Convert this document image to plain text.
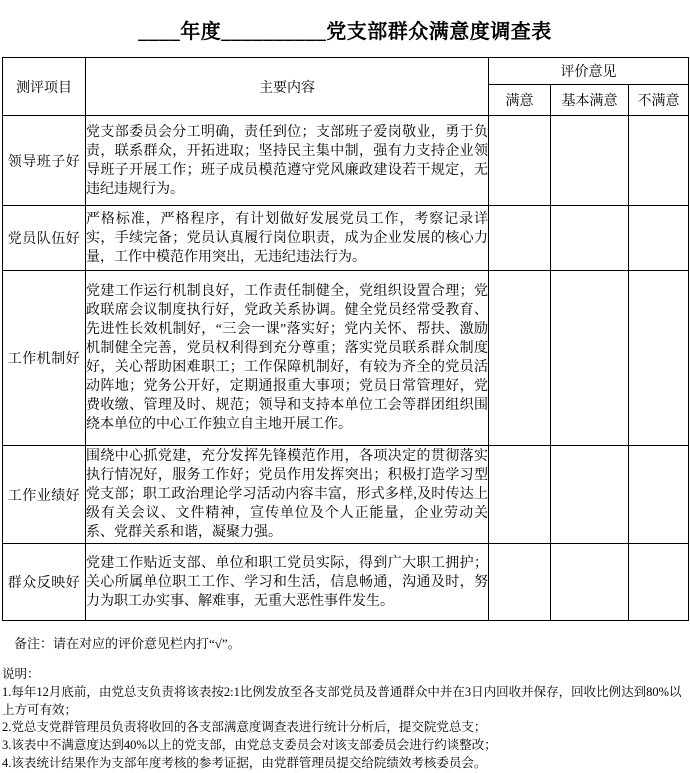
____年度__________党支部群众满意度调查表
测评项目	主要内容	评价意见		
		满意	基本满意	不满意
领导班子好	党支部委员会分工明确，责任到位；支部班子爱岗敬业，勇于负责，联系群众，开拓进取；坚持民主集中制，强有力支持企业领导班子开展工作；班子成员模范遵守党风廉政建设若干规定，无违纪违规行为。			
党员队伍好	严格标准，严格程序，有计划做好发展党员工作，考察记录详实，手续完备；党员认真履行岗位职责，成为企业发展的核心力量，工作中模范作用突出，无违纪违法行为。			
工作机制好	党建工作运行机制良好，工作责任制健全，党组织设置合理；党政联席会议制度执行好，党政关系协调。健全党员经常受教育、先进性长效机制好，“三会一课”落实好；党内关怀、帮扶、激励机制健全完善，党员权利得到充分尊重；落实党员联系群众制度好，关心帮助困难职工；工作保障机制好，有较为齐全的党员活动阵地；党务公开好，定期通报重大事项；党员日常管理好，党费收缴、管理及时、规范；领导和支持本单位工会等群团组织围绕本单位的中心工作独立自主地开展工作。			
工作业绩好	围绕中心抓党建，充分发挥先锋模范作用，各项决定的贯彻落实执行情况好，服务工作好；党员作用发挥突出；积极打造学习型党支部；职工政治理论学习活动内容丰富，形式多样,及时传达上级有关会议、文件精神，宣传单位及个人正能量，企业劳动关系、党群关系和谐，凝聚力强。			
群众反映好	党建工作贴近支部、单位和职工党员实际，得到广大职工拥护；关心所属单位职工工作、学习和生活，信息畅通，沟通及时，努力为职工办实事、解难事，无重大恶性事件发生。			

备注：请在对应的评价意见栏内打“√”。

说明：

1.每年12月底前，由党总支负责将该表按2:1比例发放至各支部党员及普通群众中并在3日内回收并保存，回收比例达到80%以上方可有效；

2.党总支党群管理员负责将收回的各支部满意度调查表进行统计分析后，提交院党总支；

3.该表中不满意度达到40%以上的党支部，由党总支委员会对该支部委员会进行约谈整改；

4.该表统计结果作为支部年度考核的参考证据，由党群管理员提交给院绩效考核委员会。
